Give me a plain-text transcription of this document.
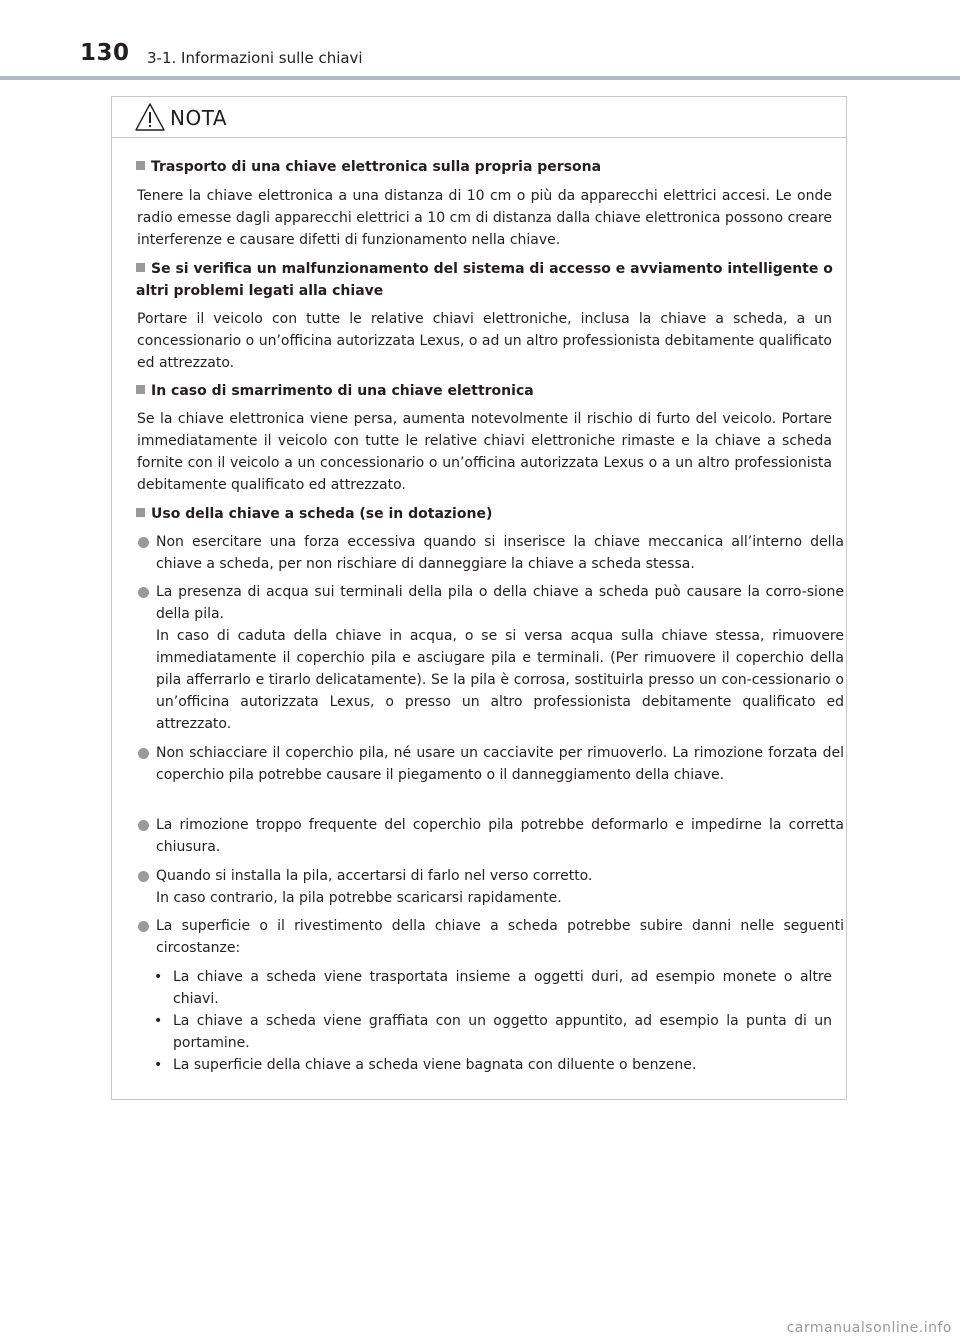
130 3-1. Informazioni sulle chiavi
NOTA
Trasporto di una chiave elettronica sulla propria persona
Tenere la chiave elettronica a una distanza di 10 cm o più da apparecchi elettrici accesi. Le onde radio emesse dagli apparecchi elettrici a 10 cm di distanza dalla chiave elettronica possono creare interferenze e causare difetti di funzionamento nella chiave.
Se si verifica un malfunzionamento del sistema di accesso e avviamento intelligente o altri problemi legati alla chiave
Portare il veicolo con tutte le relative chiavi elettroniche, inclusa la chiave a scheda, a un concessionario o un’officina autorizzata Lexus, o ad un altro professionista debitamente qualificato ed attrezzato.
In caso di smarrimento di una chiave elettronica
Se la chiave elettronica viene persa, aumenta notevolmente il rischio di furto del veicolo. Portare immediatamente il veicolo con tutte le relative chiavi elettroniche rimaste e la chiave a scheda fornite con il veicolo a un concessionario o un’officina autorizzata Lexus o a un altro professionista debitamente qualificato ed attrezzato.
Uso della chiave a scheda (se in dotazione)
Non esercitare una forza eccessiva quando si inserisce la chiave meccanica all’interno della chiave a scheda, per non rischiare di danneggiare la chiave a scheda stessa.
La presenza di acqua sui terminali della pila o della chiave a scheda può causare la corro-sione della pila.
In caso di caduta della chiave in acqua, o se si versa acqua sulla chiave stessa, rimuovere immediatamente il coperchio pila e asciugare pila e terminali. (Per rimuovere il coperchio della pila afferrarlo e tirarlo delicatamente). Se la pila è corrosa, sostituirla presso un con-cessionario o un’officina autorizzata Lexus, o presso un altro professionista debitamente qualificato ed attrezzato.
Non schiacciare il coperchio pila, né usare un cacciavite per rimuoverlo. La rimozione forzata del coperchio pila potrebbe causare il piegamento o il danneggiamento della chiave.
La rimozione troppo frequente del coperchio pila potrebbe deformarlo e impedirne la corretta chiusura.
Quando si installa la pila, accertarsi di farlo nel verso corretto.
In caso contrario, la pila potrebbe scaricarsi rapidamente.
La superficie o il rivestimento della chiave a scheda potrebbe subire danni nelle seguenti circostanze:
• La chiave a scheda viene trasportata insieme a oggetti duri, ad esempio monete o altre chiavi.
• La chiave a scheda viene graffiata con un oggetto appuntito, ad esempio la punta di un portamine.
• La superficie della chiave a scheda viene bagnata con diluente o benzene.
carmanualsonline.info
